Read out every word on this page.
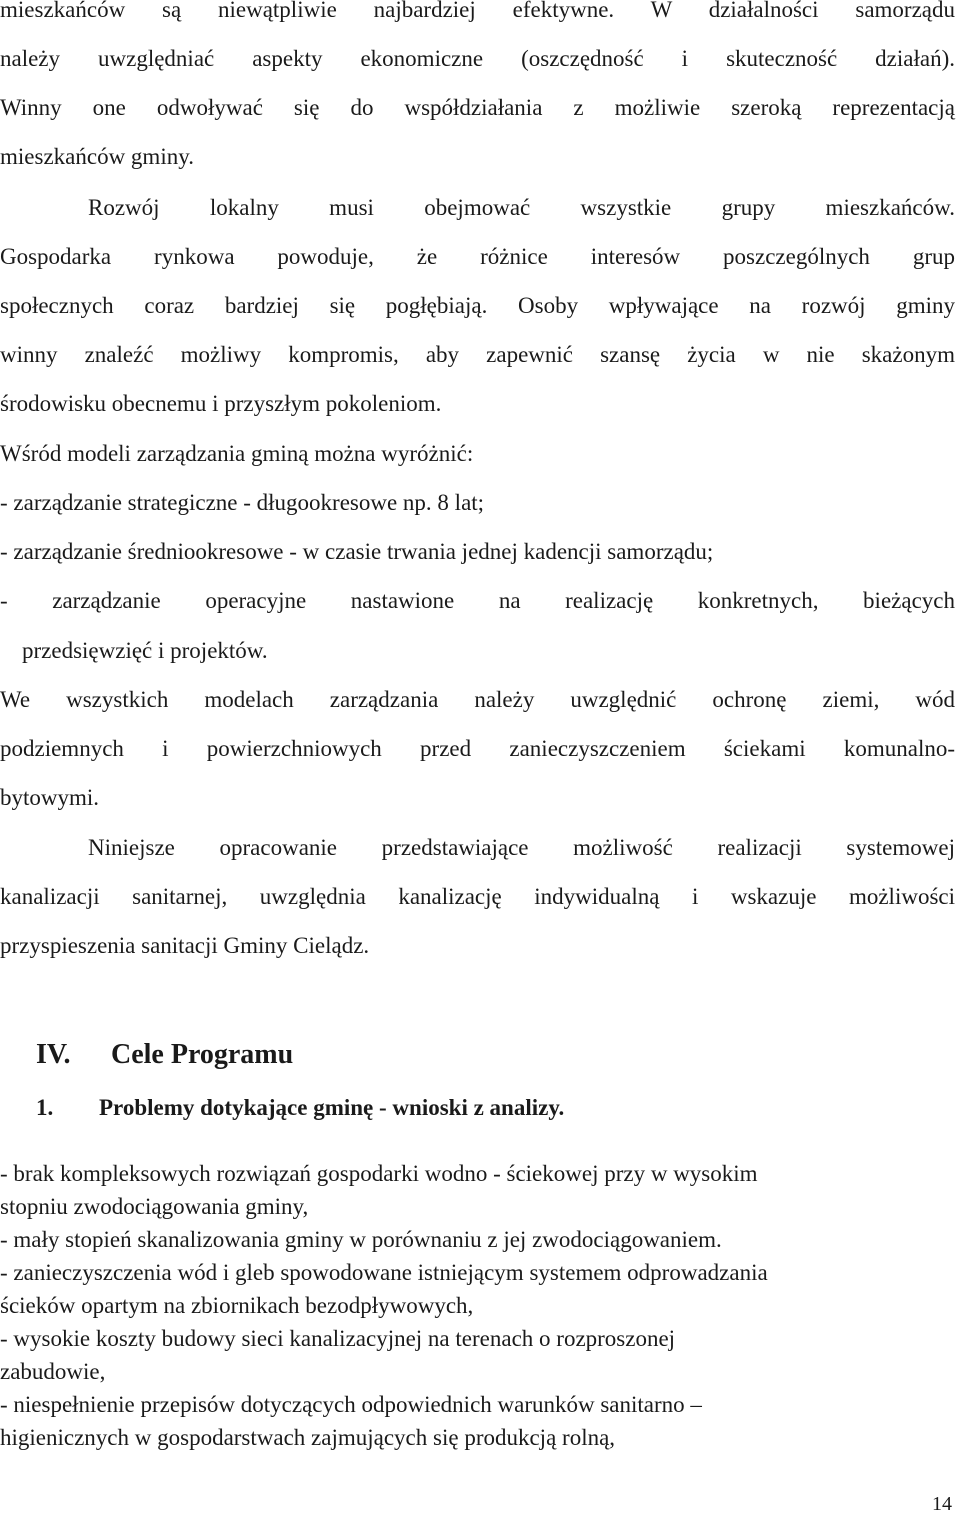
mieszkańców są niewątpliwie najbardziej efektywne. W działalności samorządu
należy uwzględniać aspekty ekonomiczne (oszczędność i skuteczność działań).
Winny one odwoływać się do współdziałania z możliwie szeroką reprezentacją
mieszkańców gminy.
Rozwój lokalny musi obejmować wszystkie grupy mieszkańców.
Gospodarka rynkowa powoduje, że różnice interesów poszczególnych grup
społecznych coraz bardziej się pogłębiają. Osoby wpływające na rozwój gminy
winny znaleźć możliwy kompromis, aby zapewnić szansę życia w nie skażonym
środowisku obecnemu i przyszłym pokoleniom.
Wśród modeli zarządzania gminą można wyróżnić:
- zarządzanie strategiczne - długookresowe np. 8 lat;
- zarządzanie średniookresowe - w czasie trwania jednej kadencji samorządu;
- zarządzanie operacyjne nastawione na realizację konkretnych, bieżących
przedsięwzięć i projektów.
We wszystkich modelach zarządzania należy uwzględnić ochronę ziemi, wód
podziemnych i powierzchniowych przed zanieczyszczeniem ściekami komunalno-
bytowymi.
Niniejsze opracowanie przedstawiające możliwość realizacji systemowej
kanalizacji sanitarnej, uwzględnia kanalizację indywidualną i wskazuje możliwości
przyspieszenia sanitacji Gminy Cielądz.
IV. Cele Programu
1. Problemy dotykające gminę - wnioski z analizy.
- brak kompleksowych rozwiązań gospodarki wodno - ściekowej przy w wysokim
stopniu zwodociągowania gminy,
- mały stopień skanalizowania gminy w porównaniu z jej zwodociągowaniem.
- zanieczyszczenia wód i gleb spowodowane istniejącym systemem odprowadzania
ścieków opartym na zbiornikach bezodpływowych,
- wysokie koszty budowy sieci kanalizacyjnej na terenach o rozproszonej
zabudowie,
- niespełnienie przepisów dotyczących odpowiednich warunków sanitarno –
higienicznych w gospodarstwach zajmujących się produkcją rolną,
14
